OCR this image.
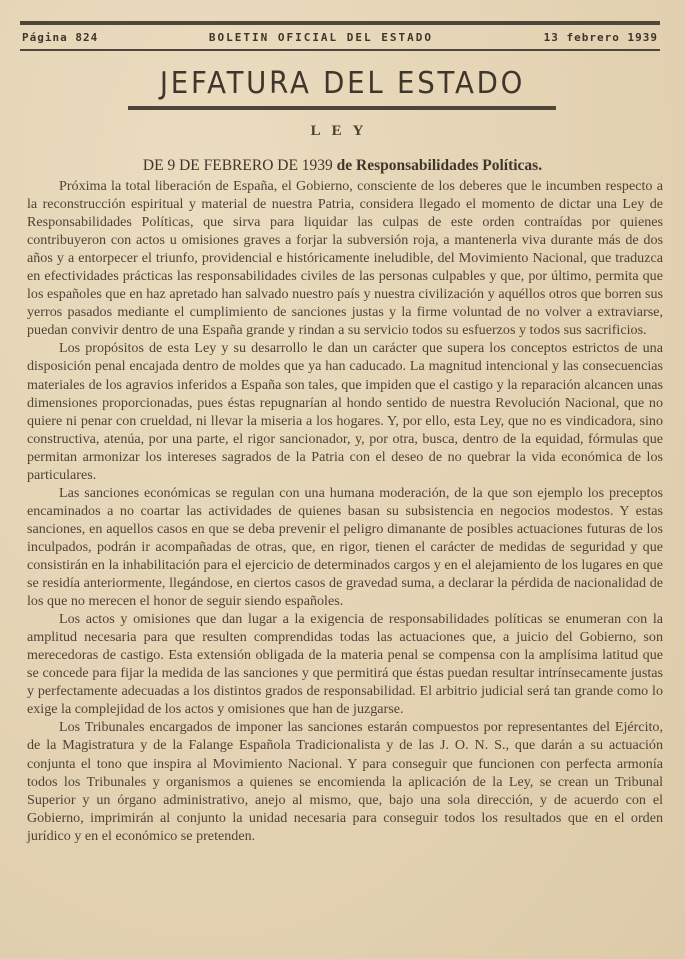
Página 824	BOLETIN OFICIAL DEL ESTADO	13 febrero 1939
JEFATURA DEL ESTADO
LEY
DE 9 DE FEBRERO DE 1939 de Responsabilidades Políticas.

Próxima la total liberación de España, el Gobierno, consciente de los deberes que le incumben respecto a la reconstrucción espiritual y material de nuestra Patria, considera llegado el momento de dictar una Ley de Responsabilidades Políticas, que sirva para liquidar las culpas de este orden contraídas por quienes contribuyeron con actos u omisiones graves a forjar la subversión roja, a mantenerla viva durante más de dos años y a entorpecer el triunfo, providencial e históricamente ineludible, del Movimiento Nacional, que traduzca en efectividades prácticas las responsabilidades civiles de las personas culpables y que, por último, permita que los españoles que en haz apretado han salvado nuestro país y nuestra civilización y aquéllos otros que borren sus yerros pasados mediante el cumplimiento de sanciones justas y la firme voluntad de no volver a extraviarse, puedan convivir dentro de una España grande y rindan a su servicio todos su esfuerzos y todos sus sacrificios.

Los propósitos de esta Ley y su desarrollo le dan un carácter que supera los conceptos estrictos de una disposición penal encajada dentro de moldes que ya han caducado. La magnitud intencional y las consecuencias materiales de los agravios inferidos a España son tales, que impiden que el castigo y la reparación alcancen unas dimensiones proporcionadas, pues éstas repugnarían al hondo sentido de nuestra Revolución Nacional, que no quiere ni penar con crueldad, ni llevar la miseria a los hogares. Y, por ello, esta Ley, que no es vindicadora, sino constructiva, atenúa, por una parte, el rigor sancionador, y, por otra, busca, dentro de la equidad, fórmulas que permitan armonizar los intereses sagrados de la Patria con el deseo de no quebrar la vida económica de los particulares.

Las sanciones económicas se regulan con una humana moderación, de la que son ejemplo los preceptos encaminados a no coartar las actividades de quienes basan su subsistencia en negocios modestos. Y estas sanciones, en aquellos casos en que se deba prevenir el peligro dimanante de posibles actuaciones futuras de los inculpados, podrán ir acompañadas de otras, que, en rigor, tienen el carácter de medidas de seguridad y que consistirán en la inhabilitación para el ejercicio de determinados cargos y en el alejamiento de los lugares en que se residía anteriormente, llegándose, en ciertos casos de gravedad suma, a declarar la pérdida de nacionalidad de los que no merecen el honor de seguir siendo españoles.

Los actos y omisiones que dan lugar a la exigencia de responsabilidades políticas se enumeran con la amplitud necesaria para que resulten comprendidas todas las actuaciones que, a juicio del Gobierno, son merecedoras de castigo. Esta extensión obligada de la materia penal se compensa con la amplísima latitud que se concede para fijar la medida de las sanciones y que permitirá que éstas puedan resultar intrínsecamente justas y perfectamente adecuadas a los distintos grados de responsabilidad. El arbitrio judicial será tan grande como lo exige la complejidad de los actos y omisiones que han de juzgarse.

Los Tribunales encargados de imponer las sanciones estarán compuestos por representantes del Ejército, de la Magistratura y de la Falange Española Tradicionalista y de las J. O. N. S., que darán a su actuación conjunta el tono que inspira al Movimiento Nacional. Y para conseguir que funcionen con perfecta armonía todos los Tribunales y organismos a quienes se encomienda la aplicación de la Ley, se crean un Tribunal Superior y un órgano administrativo, anejo al mismo, que, bajo una sola dirección, y de acuerdo con el Gobierno, imprimirán al conjunto la unidad necesaria para conseguir todos los resultados que en el orden jurídico y en el económico se pretenden.
